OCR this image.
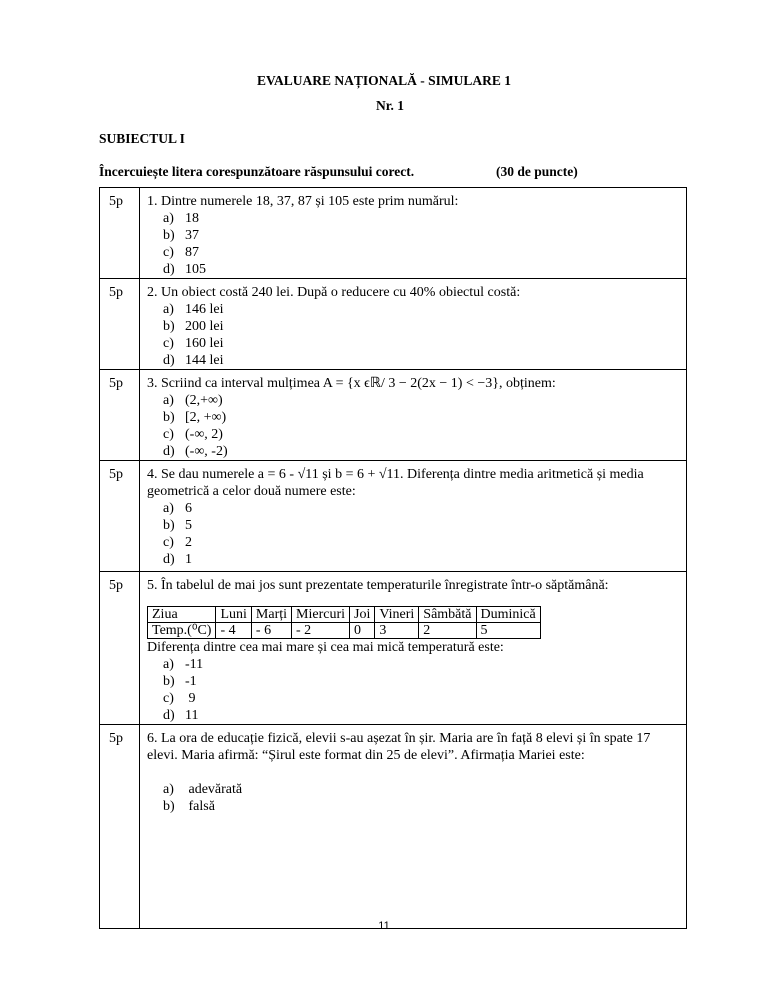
EVALUARE NAȚIONALĂ - SIMULARE 1
Nr. 1
SUBIECTUL I
Încercuiește litera corespunzătoare răspunsului corect.	(30 de puncte)
5p	1. Dintre numerele 18, 37, 87 și 105 este prim numărul:
a) 18
b) 37
c) 87
d) 105

5p	2. Un obiect costă 240 lei. După o reducere cu 40% obiectul costă:
a) 146 lei
b) 200 lei
c) 160 lei
d) 144 lei

5p	3. Scriind ca interval mulțimea A = {x ϵℝ/ 3 − 2(2x − 1) < −3}, obținem:
a) (2,+∞)
b) [2, +∞)
c) (-∞, 2)
d) (-∞, -2)

5p	4. Se dau numerele a = 6 - √11 și b = 6 + √11. Diferența dintre media aritmetică și media geometrică a celor două numere este:
a) 6
b) 5
c) 2
d) 1

5p	5. În tabelul de mai jos sunt prezentate temperaturile înregistrate într-o săptămână:
Ziua	Luni	Marți	Miercuri	Joi	Vineri	Sâmbătă	Duminică
Temp.(⁰C)	- 4	- 6	- 2	0	3	2	5
Diferența dintre cea mai mare și cea mai mică temperatură este:
a) -11
b) -1
c) 9
d) 11

5p	6. La ora de educație fizică, elevii s-au așezat în șir. Maria are în față 8 elevi și în spate 17 elevi. Maria afirmă: “Șirul este format din 25 de elevi”. Afirmația Mariei este:
a) adevărată
b) falsă
11
